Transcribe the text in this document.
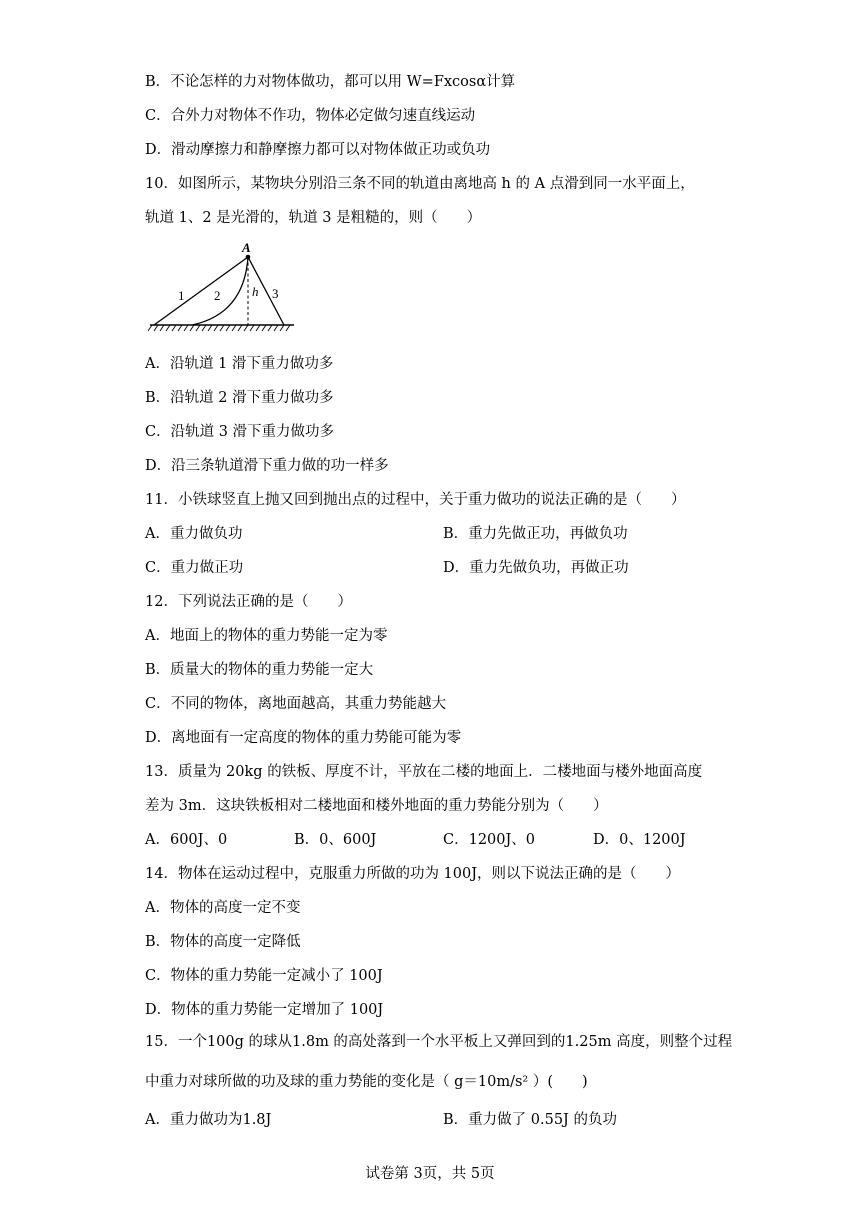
B．不论怎样的力对物体做功，都可以用 W=Fxcosα计算
C．合外力对物体不作功，物体必定做匀速直线运动
D．滑动摩擦力和静摩擦力都可以对物体做正功或负功
10．如图所示，某物块分别沿三条不同的轨道由离地高 h 的 A 点滑到同一水平面上，
轨道 1、2 是光滑的，轨道 3 是粗糙的，则（　　）
A
h
1 2	3
A．沿轨道 1 滑下重力做功多
B．沿轨道 2 滑下重力做功多
C．沿轨道 3 滑下重力做功多
D．沿三条轨道滑下重力做的功一样多
11．小铁球竖直上抛又回到抛出点的过程中，关于重力做功的说法正确的是（　　）
A．重力做负功	B．重力先做正功，再做负功
C．重力做正功	D．重力先做负功，再做正功
12．下列说法正确的是（　　）
A．地面上的物体的重力势能一定为零
B．质量大的物体的重力势能一定大
C．不同的物体，离地面越高，其重力势能越大
D．离地面有一定高度的物体的重力势能可能为零
13．质量为 20kg 的铁板、厚度不计，平放在二楼的地面上．二楼地面与楼外地面高度
差为 3m．这块铁板相对二楼地面和楼外地面的重力势能分别为（　　）
A．600J、0	B．0、600J	C．1200J、0	D．0、1200J
14．物体在运动过程中，克服重力所做的功为 100J，则以下说法正确的是（　　）
A．物体的高度一定不变
B．物体的高度一定降低
C．物体的重力势能一定减小了 100J
D．物体的重力势能一定增加了 100J
15．一个100g 的球从1.8m 的高处落到一个水平板上又弹回到的1.25m 高度，则整个过程
中重力对球所做的功及球的重力势能的变化是（ g＝10m/s² ）(　　)
A．重力做功为1.8J	B．重力做了 0.55J 的负功
试卷第 3页，共 5页
